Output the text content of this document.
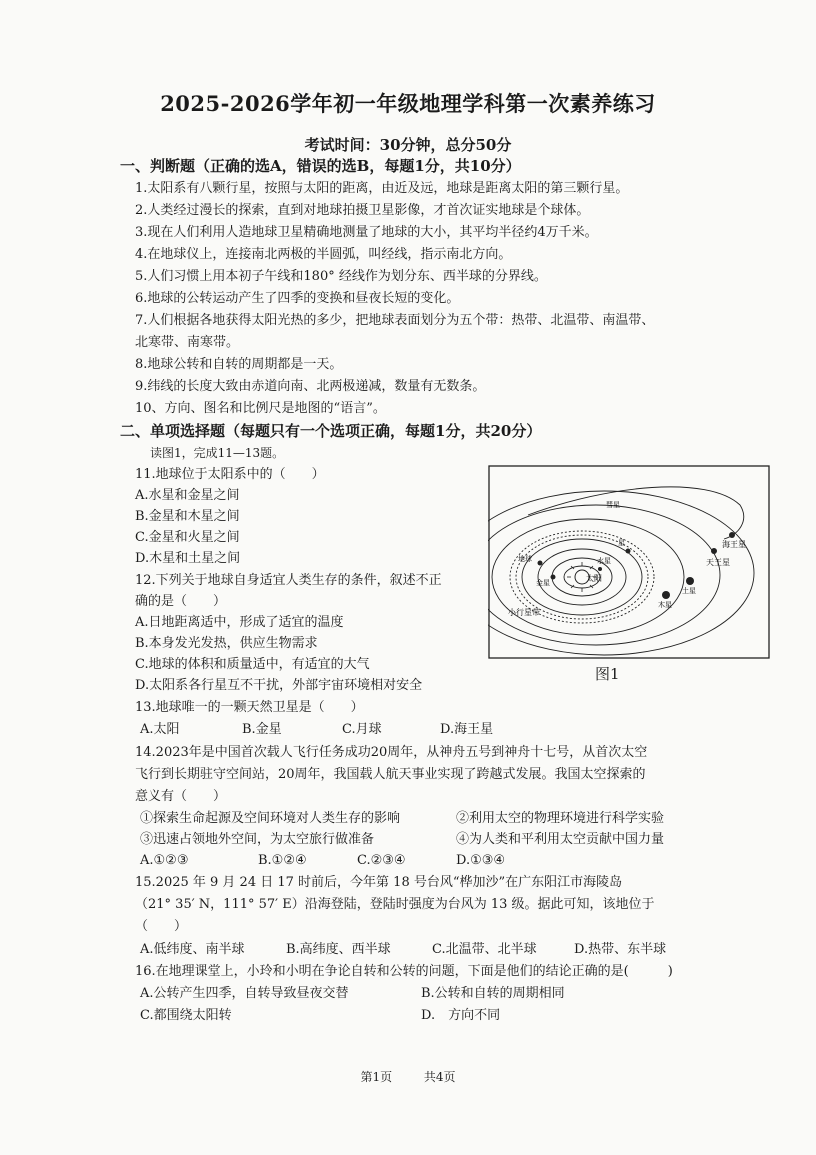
2025-2026学年初一年级地理学科第一次素养练习
考试时间：30分钟，总分50分
一、判断题（正确的选A，错误的选B，每题1分，共10分）
1.太阳系有八颗行星，按照与太阳的距离，由近及远，地球是距离太阳的第三颗行星。
2.人类经过漫长的探索，直到对地球拍摄卫星影像，才首次证实地球是个球体。
3.现在人们利用人造地球卫星精确地测量了地球的大小，其平均半径约4万千米。
4.在地球仪上，连接南北两极的半圆弧，叫经线，指示南北方向。
5.人们习惯上用本初子午线和180° 经线作为划分东、西半球的分界线。
6.地球的公转运动产生了四季的变换和昼夜长短的变化。
7.人们根据各地获得太阳光热的多少，把地球表面划分为五个带：热带、北温带、南温带、
北寒带、南寒带。
8.地球公转和自转的周期都是一天。
9.纬线的长度大致由赤道向南、北两极递减，数量有无数条。
10、方向、图名和比例尺是地图的“语言”。
二、单项选择题（每题只有一个选项正确，每题1分，共20分）
读图1，完成11—13题。
11.地球位于太阳系中的（　　）
A.水星和金星之间
B.金星和木星之间
C.金星和火星之间
D.木星和土星之间
12.下列关于地球自身适宜人类生存的条件，叙述不正
确的是（　　）
A.日地距离适中，形成了适宜的温度
B.本身发光发热，供应生物需求
C.地球的体积和质量适中，有适宜的大气
D.太阳系各行星互不干扰，外部宇宙环境相对安全
13.地球唯一的一颗天然卫星是（　　）
A.太阳	B.金星	C.月球	D.海王星
14.2023年是中国首次载人飞行任务成功20周年，从神舟五号到神舟十七号，从首次太空
飞行到长期驻守空间站，20周年，我国载人航天事业实现了跨越式发展。我国太空探索的
意义有（　　）
①探索生命起源及空间环境对人类生存的影响	②利用太空的物理环境进行科学实验
③迅速占领地外空间，为太空旅行做准备	④为人类和平利用太空贡献中国力量
A.①②③	B.①②④	C.②③④	D.①③④
15.2025 年 9 月 24 日 17 时前后，今年第 18 号台风“桦加沙”在广东阳江市海陵岛
（21° 35′ N，111° 57′ E）沿海登陆，登陆时强度为台风为 13 级。据此可知，该地位于
（　　）
A.低纬度、南半球	B.高纬度、西半球	C.北温带、北半球	D.热带、东半球
16.在地理课堂上，小玲和小明在争论自转和公转的问题，下面是他们的结论正确的是(　　　)
A.公转产生四季，自转导致昼夜交替	B.公转和自转的周期相同
C.都围绕太阳转	D.　方向不同
太阳
水星
金星
地球
星
木星
土星
天王星
海王星
小行星带
彗星
图1
第1页	共4页
